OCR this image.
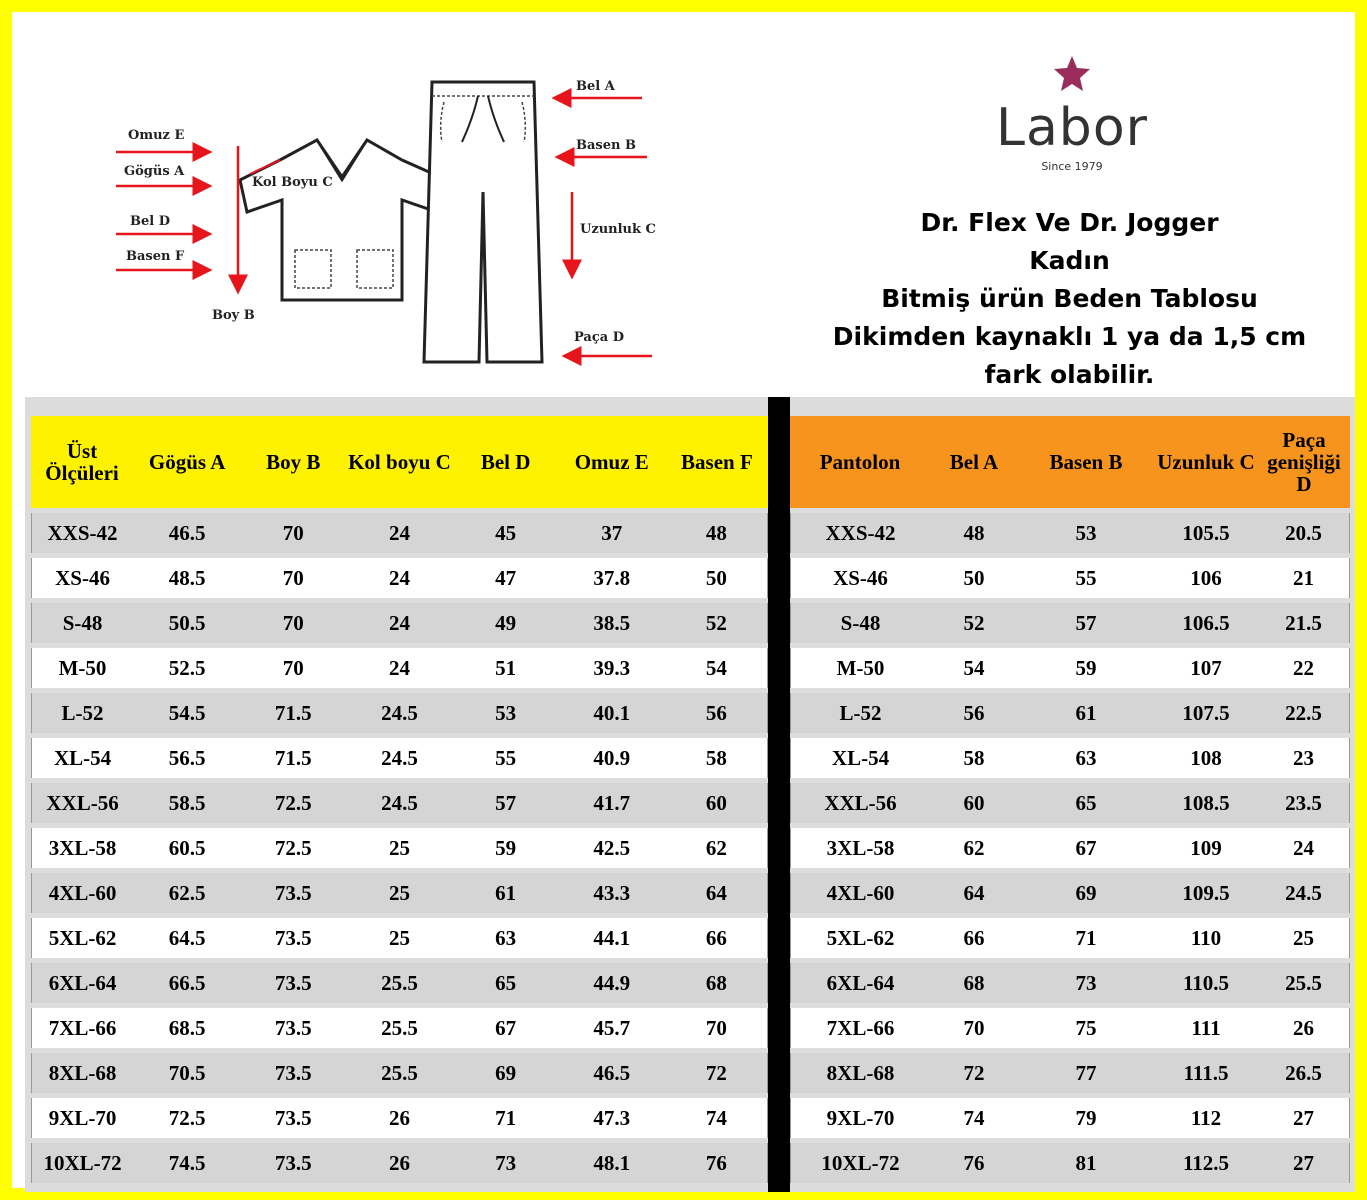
Omuz E
Gögüs A
Bel D
Basen F
Kol Boyu C
Boy B
Bel A
Basen B
Uzunluk C
Paça D
Labor
Since 1979
Dr. Flex Ve Dr. Jogger
Kadın
Bitmiş ürün Beden Tablosu
Dikimden kaynaklı 1 ya da 1,5 cm
fark olabilir.
Üst Ölçüleri	Gögüs A	Boy B	Kol boyu C	Bel D	Omuz E	Basen F
XXS-42	46.5	70	24	45	37	48
XS-46	48.5	70	24	47	37.8	50
S-48	50.5	70	24	49	38.5	52
M-50	52.5	70	24	51	39.3	54
L-52	54.5	71.5	24.5	53	40.1	56
XL-54	56.5	71.5	24.5	55	40.9	58
XXL-56	58.5	72.5	24.5	57	41.7	60
3XL-58	60.5	72.5	25	59	42.5	62
4XL-60	62.5	73.5	25	61	43.3	64
5XL-62	64.5	73.5	25	63	44.1	66
6XL-64	66.5	73.5	25.5	65	44.9	68
7XL-66	68.5	73.5	25.5	67	45.7	70
8XL-68	70.5	73.5	25.5	69	46.5	72
9XL-70	72.5	73.5	26	71	47.3	74
10XL-72	74.5	73.5	26	73	48.1	76
Pantolon	Bel A	Basen B	Uzunluk C	Paça genişliği D
XXS-42	48	53	105.5	20.5
XS-46	50	55	106	21
S-48	52	57	106.5	21.5
M-50	54	59	107	22
L-52	56	61	107.5	22.5
XL-54	58	63	108	23
XXL-56	60	65	108.5	23.5
3XL-58	62	67	109	24
4XL-60	64	69	109.5	24.5
5XL-62	66	71	110	25
6XL-64	68	73	110.5	25.5
7XL-66	70	75	111	26
8XL-68	72	77	111.5	26.5
9XL-70	74	79	112	27
10XL-72	76	81	112.5	27
